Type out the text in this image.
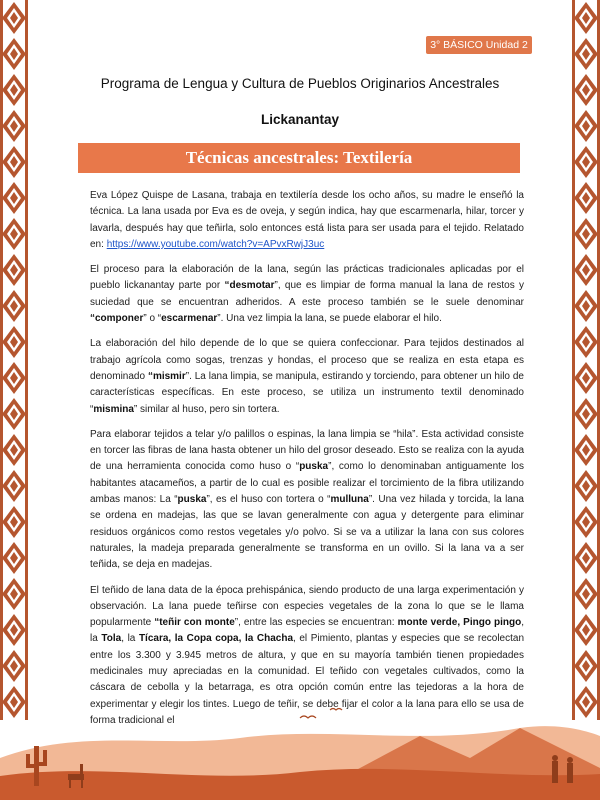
3° BÁSICO Unidad 2
Programa de Lengua y Cultura de Pueblos Originarios Ancestrales
Lickanantay
Técnicas ancestrales: Textilería

Eva López Quispe de Lasana, trabaja en textilería desde los ocho años, su madre le enseñó la técnica. La lana usada por Eva es de oveja, y según indica, hay que escarmenarla, hilar, torcer y lavarla, después hay que teñirla, solo entonces está lista para ser usada para el tejido. Relatado en: https://www.youtube.com/watch?v=APvxRwjJ3uc

El proceso para la elaboración de la lana, según las prácticas tradicionales aplicadas por el pueblo lickanantay parte por “desmotar”, que es limpiar de forma manual la lana de restos y suciedad que se encuentran adheridos. A este proceso también se le suele denominar “componer” o “escarmenar”. Una vez limpia la lana, se puede elaborar el hilo.

La elaboración del hilo depende de lo que se quiera confeccionar. Para tejidos destinados al trabajo agrícola como sogas, trenzas y hondas, el proceso que se realiza en esta etapa es denominado “mismir”. La lana limpia, se manipula, estirando y torciendo, para obtener un hilo de características específicas. En este proceso, se utiliza un instrumento textil denominado “mismina” similar al huso, pero sin tortera.

Para elaborar tejidos a telar y/o palillos o espinas, la lana limpia se “hila”. Esta actividad consiste en torcer las fibras de lana hasta obtener un hilo del grosor deseado. Esto se realiza con la ayuda de una herramienta conocida como huso o “puska”, como lo denominaban antiguamente los habitantes atacameños, a partir de lo cual es posible realizar el torcimiento de la fibra utilizando ambas manos: La “puska”, es el huso con tortera o “mulluna”. Una vez hilada y torcida, la lana se ordena en madejas, las que se lavan generalmente con agua y detergente para eliminar residuos orgánicos como restos vegetales y/o polvo. Si se va a utilizar la lana con sus colores naturales, la madeja preparada generalmente se transforma en un ovillo. Si la lana va a ser teñida, se deja en madejas.

El teñido de lana data de la época prehispánica, siendo producto de una larga experimentación y observación. La lana puede teñirse con especies vegetales de la zona lo que se le llama popularmente “teñir con monte”, entre las especies se encuentran: monte verde, Pingo pingo, la Tola, la Tícara, la Copa copa, la Chacha, el Pimiento, plantas y especies que se recolectan entre los 3.300 y 3.945 metros de altura, y que en su mayoría también tienen propiedades medicinales muy apreciadas en la comunidad. El teñido con vegetales cultivados, como la cáscara de cebolla y la betarraga, es otra opción común entre las tejedoras a la hora de experimentar y elegir los tintes. Luego de teñir, se debe fijar el color a la lana para ello se usa de forma tradicional el
